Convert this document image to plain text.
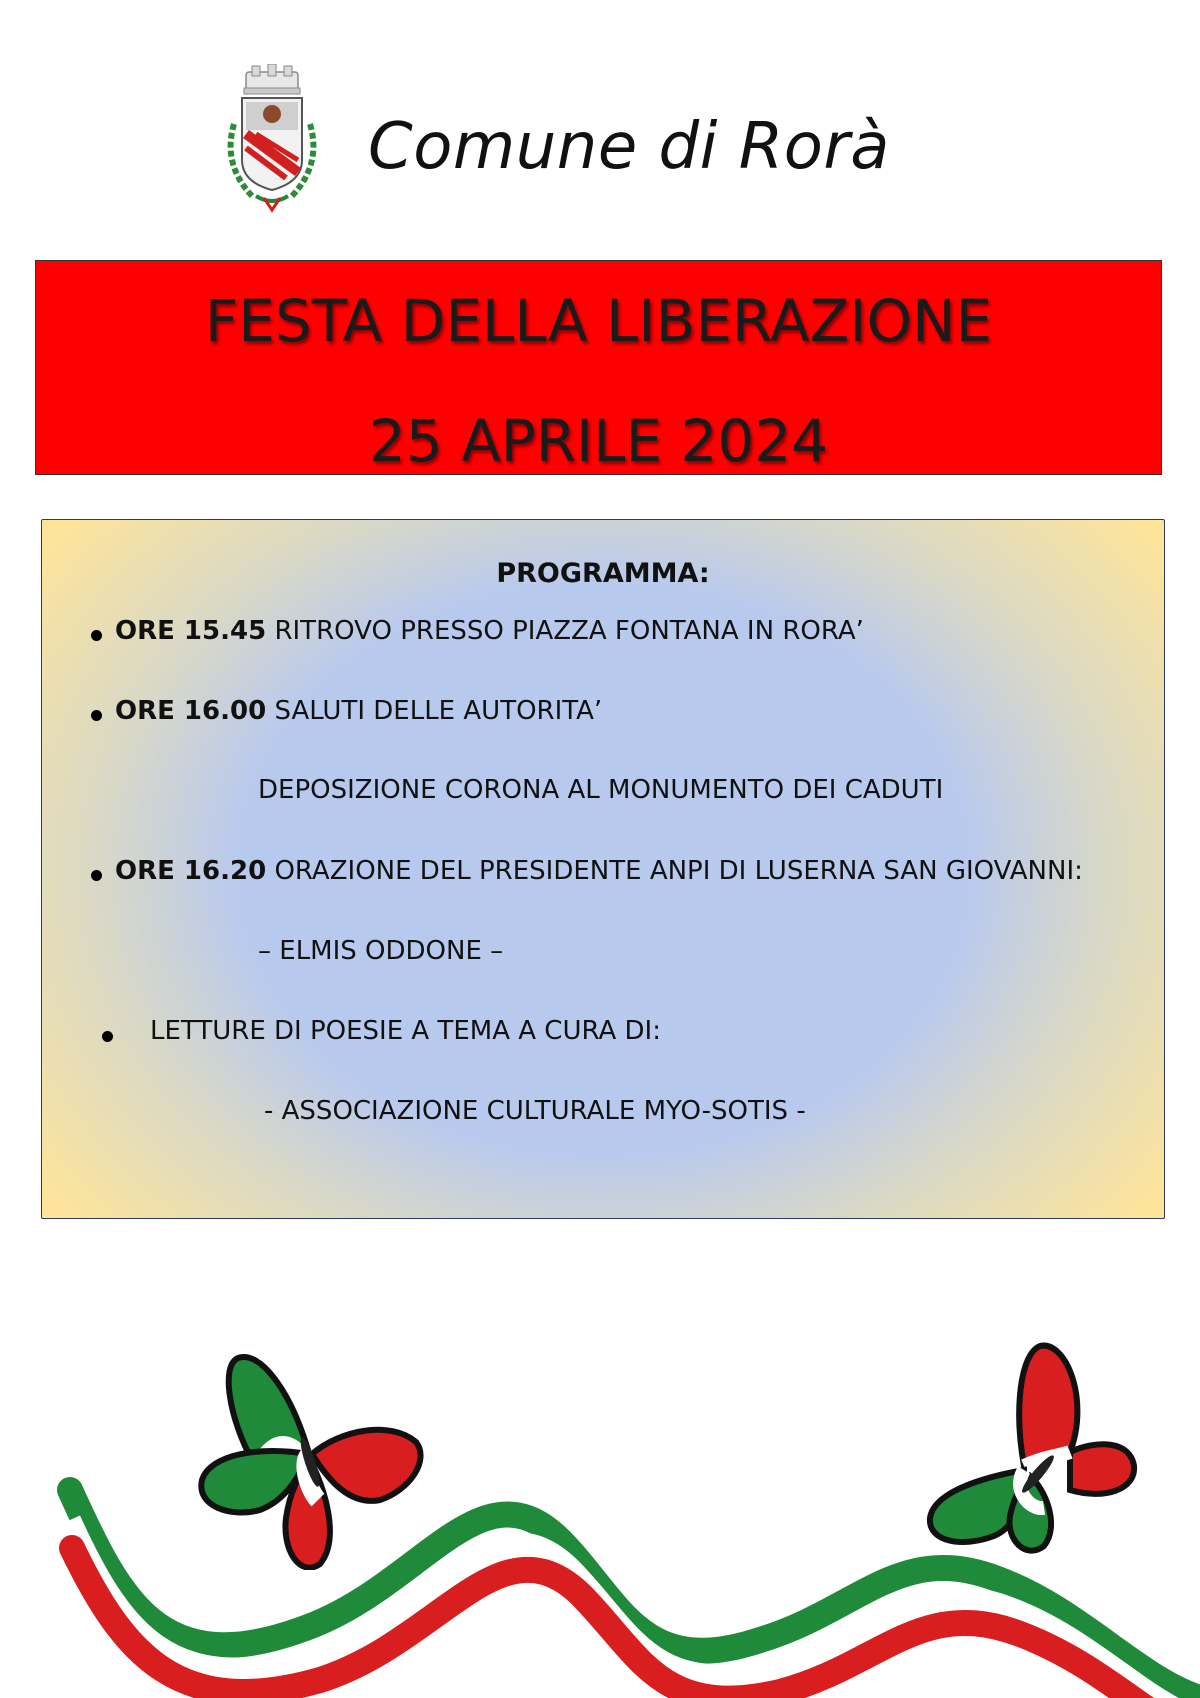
Comune di Rorà
FESTA DELLA LIBERAZIONE
25 APRILE 2024
PROGRAMMA:
ORE 15.45 RITROVO PRESSO PIAZZA FONTANA IN RORA’
ORE 16.00 SALUTI DELLE AUTORITA’
DEPOSIZIONE CORONA AL MONUMENTO DEI CADUTI
ORE 16.20 ORAZIONE DEL PRESIDENTE ANPI DI LUSERNA SAN GIOVANNI:
– ELMIS ODDONE –
LETTURE DI POESIE A TEMA A CURA DI:
- ASSOCIAZIONE CULTURALE MYO-SOTIS -
